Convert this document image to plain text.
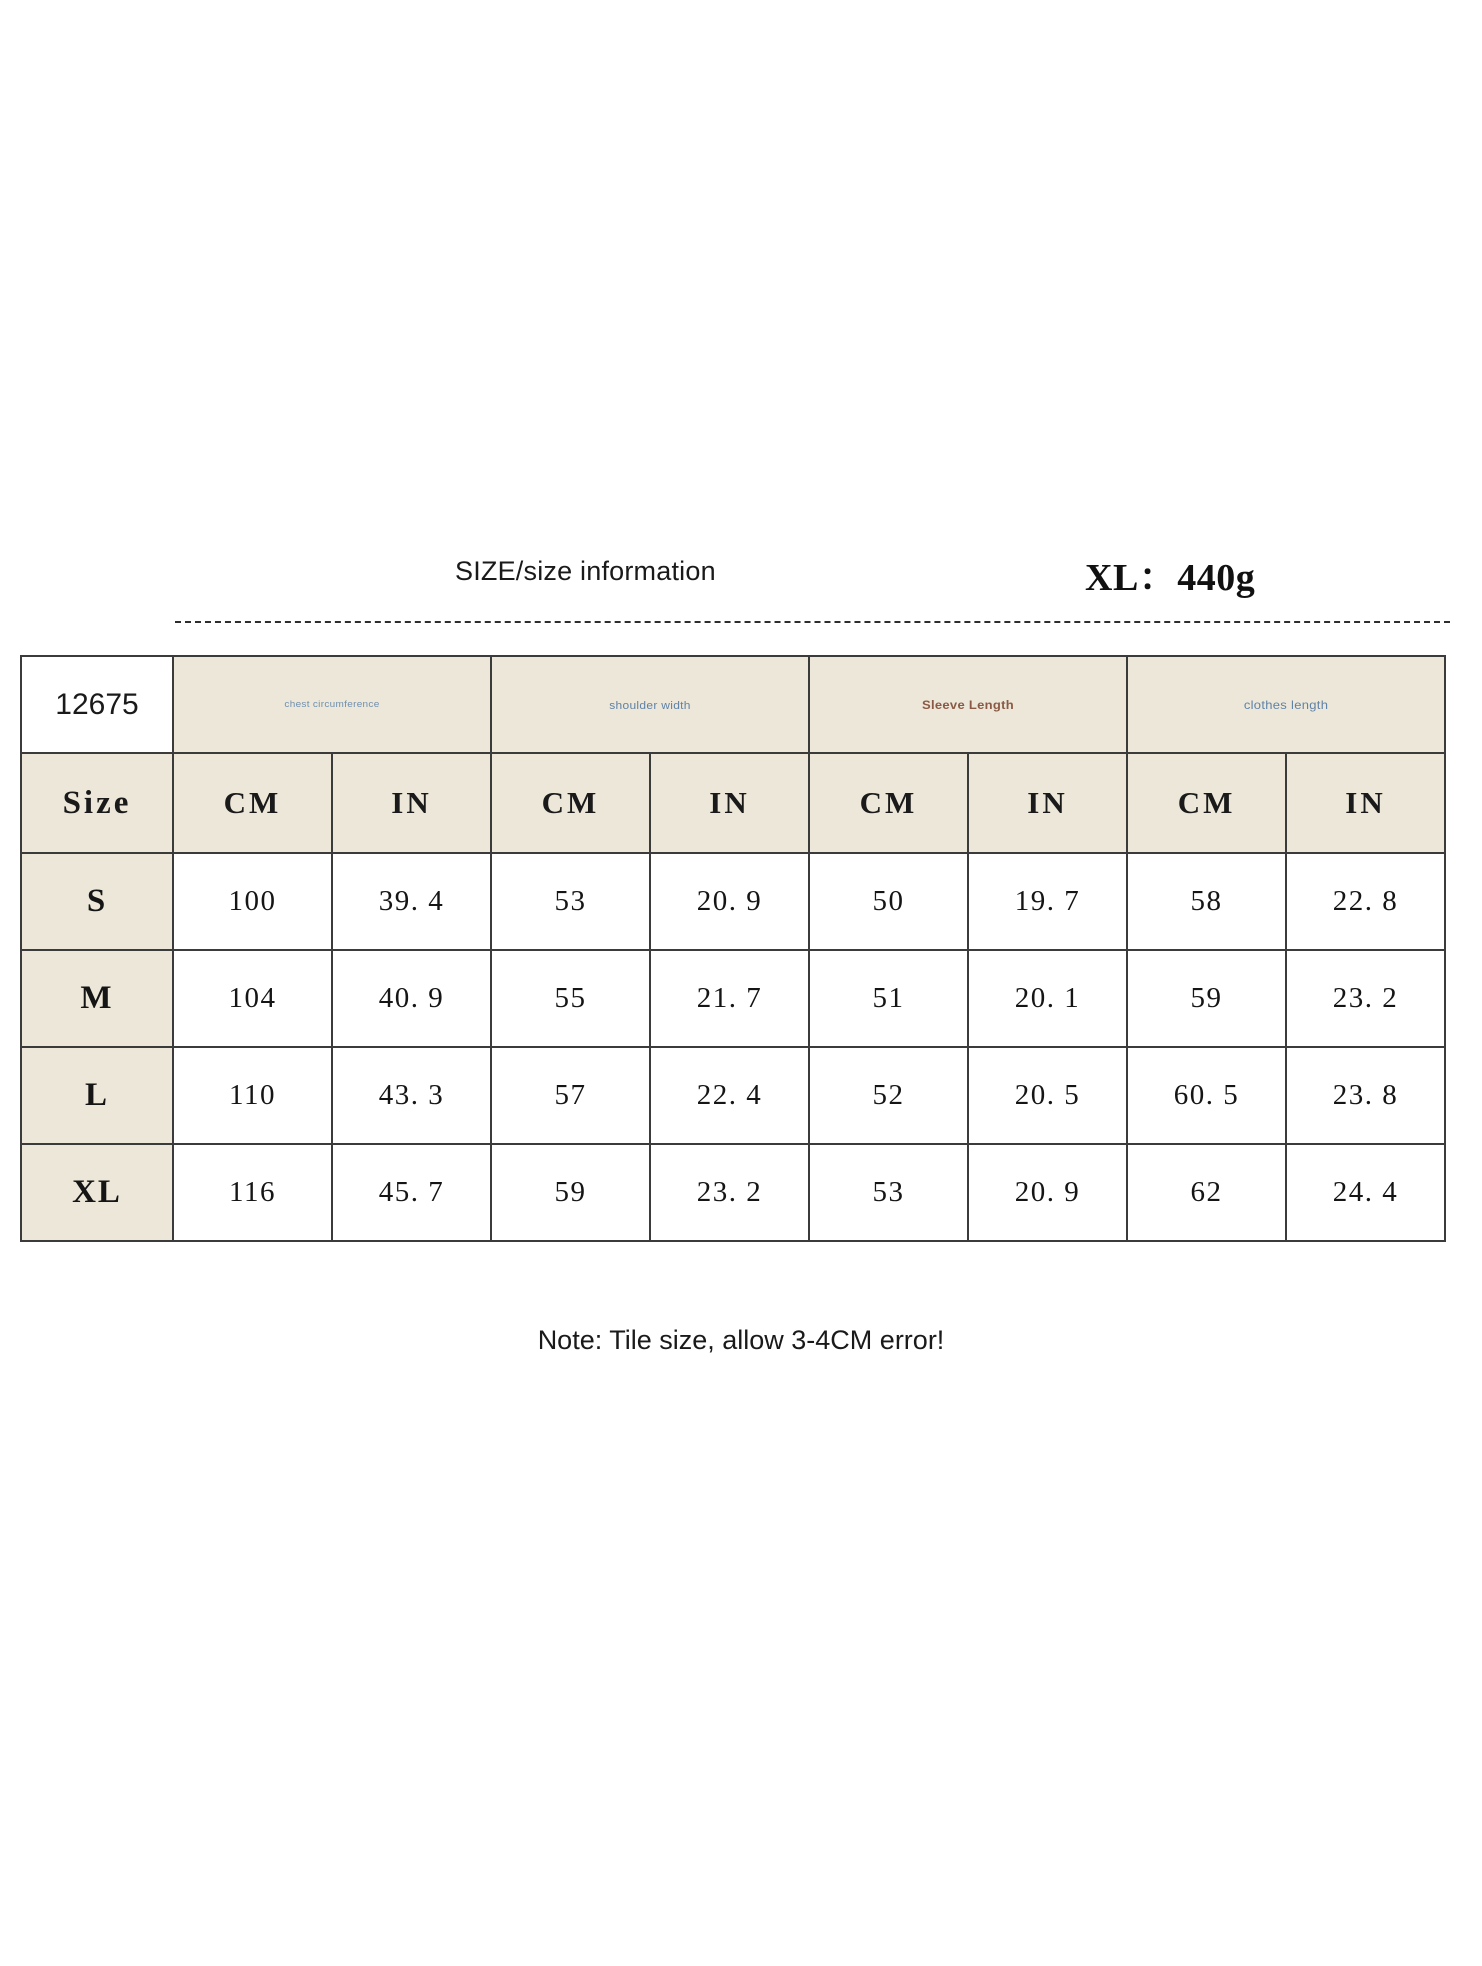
SIZE/size information	XL：440g
12675	chest circumference		shoulder width		Sleeve Length		clothes length	

Size	CM	IN	CM	IN	CM	IN	CM	IN
S	100	39. 4	53	20. 9	50	19. 7	58	22. 8
M	104	40. 9	55	21. 7	51	20. 1	59	23. 2
L	110	43. 3	57	22. 4	52	20. 5	60. 5	23. 8
XL	116	45. 7	59	23. 2	53	20. 9	62	24. 4
Note: Tile size, allow 3-4CM error!
